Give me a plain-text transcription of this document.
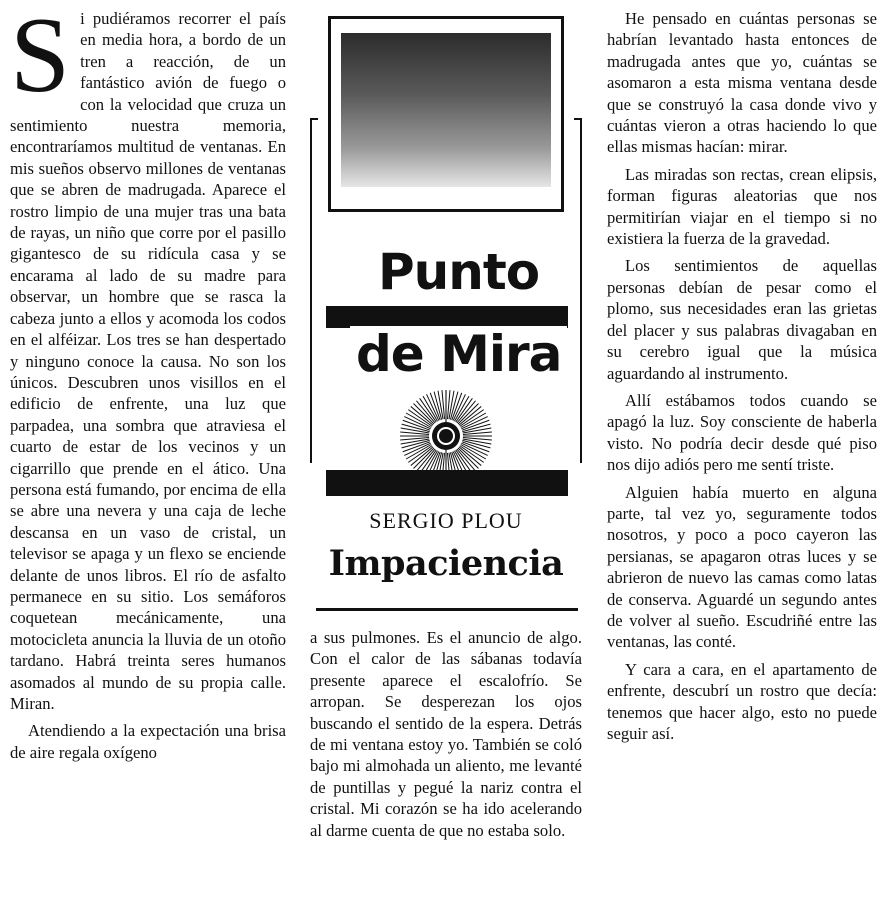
Si pudiéramos recorrer el país en media hora, a bordo de un tren a reacción, de un fantástico avión de fuego o con la velocidad que cruza un sentimiento nuestra memoria, encontraríamos multitud de ventanas. En mis sueños observo millones de ventanas que se abren de madrugada. Aparece el rostro limpio de una mujer tras una bata de rayas, un niño que corre por el pasillo gigantesco de su ridícula casa y se encarama al lado de su madre para observar, un hombre que se rasca la cabeza junto a ellos y acomoda los codos en el alféizar. Los tres se han despertado y ninguno conoce la causa. No son los únicos. Descubren unos visillos en el edificio de enfrente, una luz que parpadea, una sombra que atraviesa el cuarto de estar de los vecinos y un cigarrillo que prende en el ático. Una persona está fumando, por encima de ella se abre una nevera y una caja de leche descansa en un vaso de cristal, un televisor se apaga y un flexo se enciende delante de unos libros. El río de asfalto permanece en su sitio. Los semáforos coquetean mecánicamente, una motocicleta anuncia la lluvia de un otoño tardano. Habrá treinta seres humanos asomados al mundo de su propia calle. Miran.

Atendiendo a la expectación una brisa de aire regala oxígeno

Punto
de Mira
SERGIO PLOU
Impaciencia

a sus pulmones. Es el anuncio de algo. Con el calor de las sábanas todavía presente aparece el escalofrío. Se arropan. Se desperezan los ojos buscando el sentido de la espera. Detrás de mi ventana estoy yo. También se coló bajo mi almohada un aliento, me levanté de puntillas y pegué la nariz contra el cristal. Mi corazón se ha ido acelerando al darme cuenta de que no estaba solo.

He pensado en cuántas personas se habrían levantado hasta entonces de madrugada antes que yo, cuántas se asomaron a esta misma ventana desde que se construyó la casa donde vivo y cuántas vieron a otras haciendo lo que ellas mismas hacían: mirar.

Las miradas son rectas, crean elipsis, forman figuras aleatorias que nos permitirían viajar en el tiempo si no existiera la fuerza de la gravedad.

Los sentimientos de aquellas personas debían de pesar como el plomo, sus necesidades eran las grietas del placer y sus palabras divagaban en su cerebro igual que la música aguardando al instrumento.

Allí estábamos todos cuando se apagó la luz. Soy consciente de haberla visto. No podría decir desde qué piso nos dijo adiós pero me sentí triste.

Alguien había muerto en alguna parte, tal vez yo, seguramente todos nosotros, y poco a poco cayeron las persianas, se apagaron otras luces y se abrieron de nuevo las camas como latas de conserva. Aguardé un segundo antes de volver al sueño. Escudriñé entre las ventanas, las conté.

Y cara a cara, en el apartamento de enfrente, descubrí un rostro que decía: tenemos que hacer algo, esto no puede seguir así.
